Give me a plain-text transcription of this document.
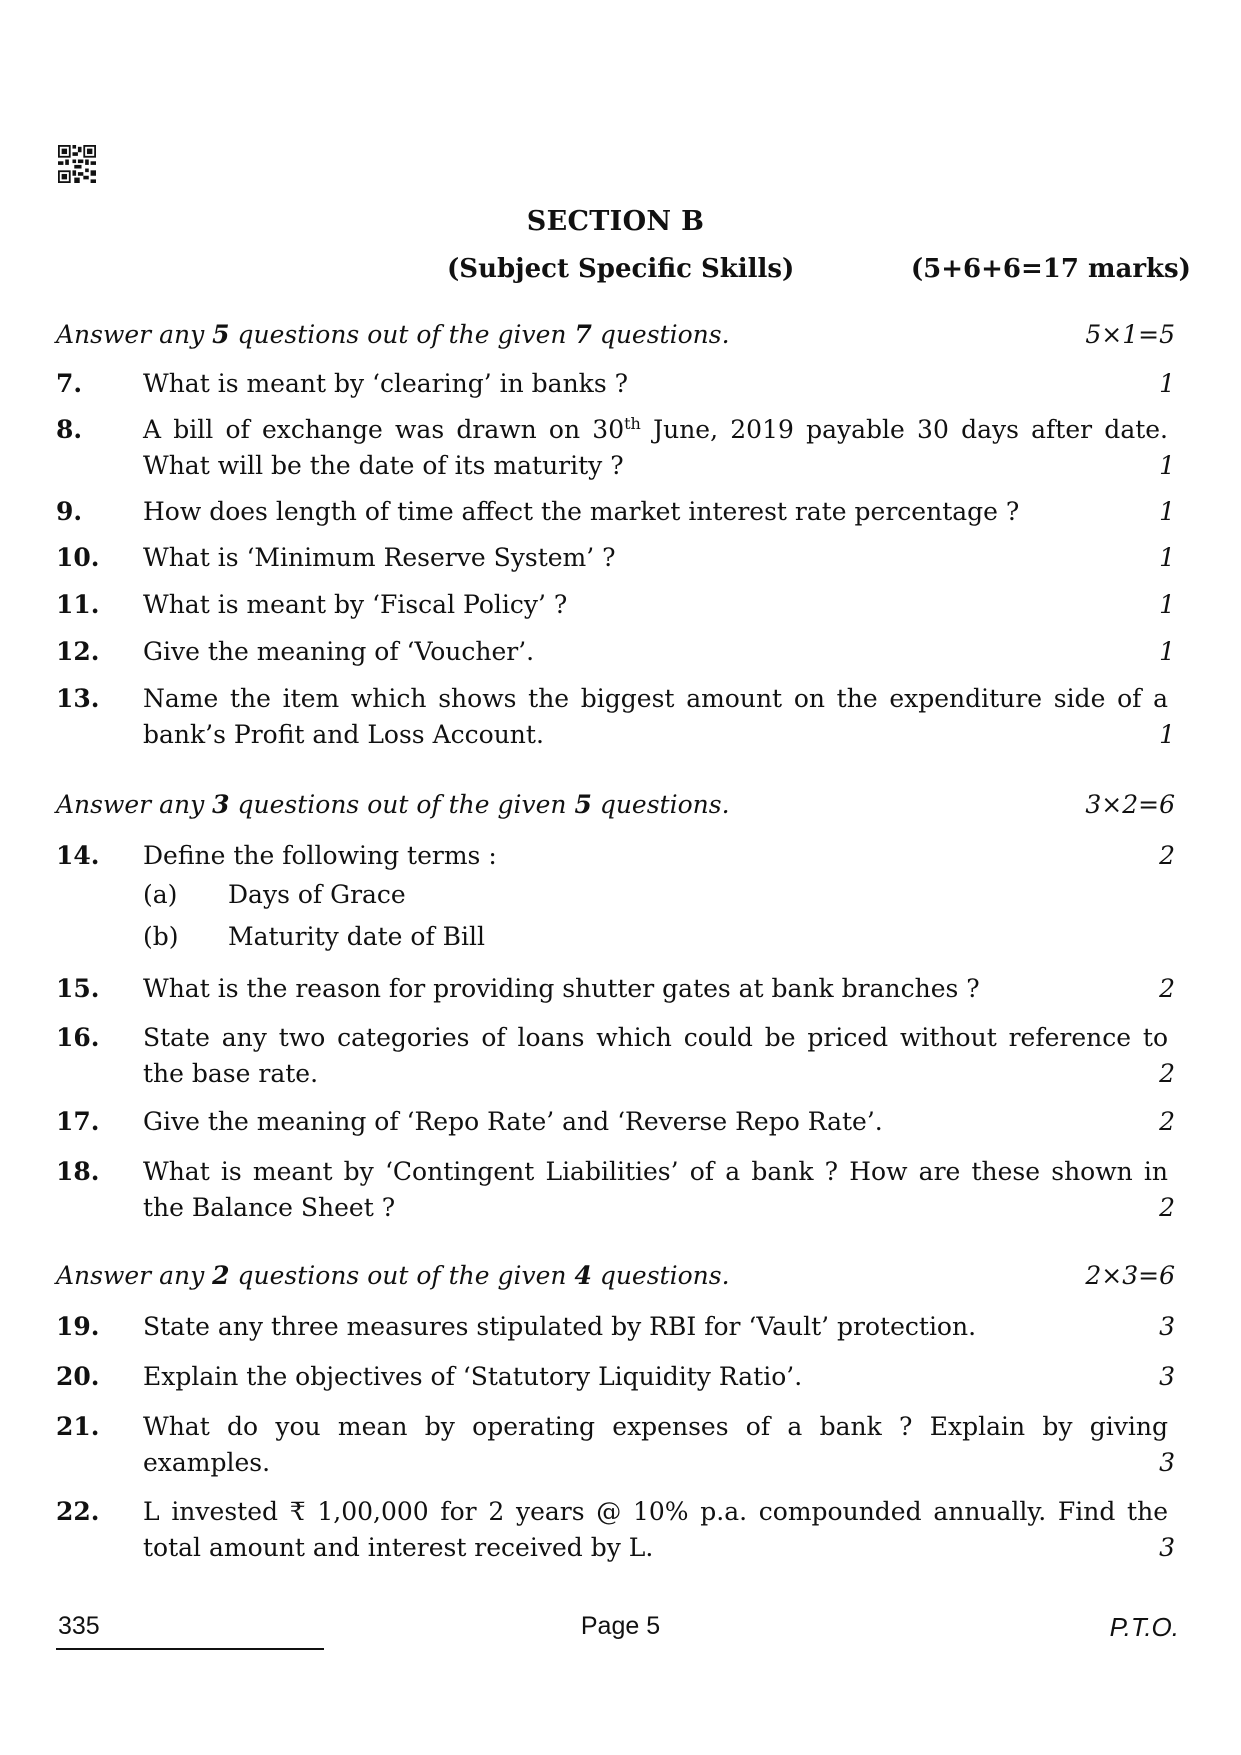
SECTION B
(Subject Specific Skills)	(5+6+6=17 marks)
Answer any 5 questions out of the given 7 questions.	5×1=5
7. What is meant by ‘clearing’ in banks ?	1
8. A bill of exchange was drawn on 30th June, 2019 payable 30 days after date. What will be the date of its maturity ?	1
9. How does length of time affect the market interest rate percentage ?	1
10. What is ‘Minimum Reserve System’ ?	1
11. What is meant by ‘Fiscal Policy’ ?	1
12. Give the meaning of ‘Voucher’.	1
13. Name the item which shows the biggest amount on the expenditure side of a bank’s Profit and Loss Account.	1
Answer any 3 questions out of the given 5 questions.	3×2=6
14. Define the following terms :	2
(a) Days of Grace
(b) Maturity date of Bill
15. What is the reason for providing shutter gates at bank branches ?	2
16. State any two categories of loans which could be priced without reference to the base rate.	2
17. Give the meaning of ‘Repo Rate’ and ‘Reverse Repo Rate’.	2
18. What is meant by ‘Contingent Liabilities’ of a bank ? How are these shown in the Balance Sheet ?	2
Answer any 2 questions out of the given 4 questions.	2×3=6
19. State any three measures stipulated by RBI for ‘Vault’ protection.	3
20. Explain the objectives of ‘Statutory Liquidity Ratio’.	3
21. What do you mean by operating expenses of a bank ? Explain by giving examples.	3
22. L invested ₹ 1,00,000 for 2 years @ 10% p.a. compounded annually. Find the total amount and interest received by L.	3
335	Page 5	P.T.O.
